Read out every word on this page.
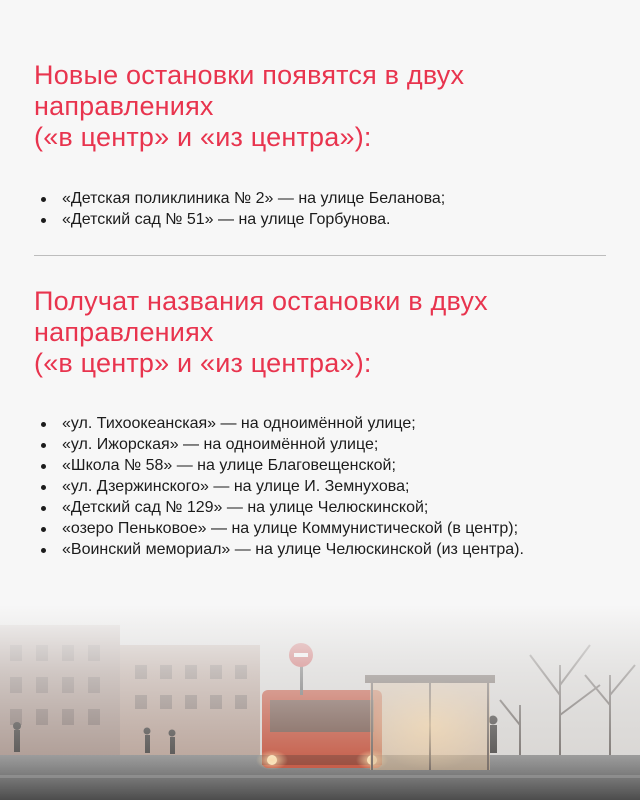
Новые остановки появятся в двух
направлениях
(«в центр» и «из центра»):
«Детская поликлиника № 2» — на улице Беланова;
«Детский сад № 51» — на улице Горбунова.
Получат названия остановки в двух
направлениях
(«в центр» и «из центра»):
«ул. Тихоокеанская» — на одноимённой улице;
«ул. Ижорская» — на одноимённой улице;
«Школа № 58» — на улице Благовещенской;
«ул. Дзержинского» — на улице И. Земнухова;
«Детский сад № 129» — на улице Челюскинской;
«озеро Пеньковое» — на улице Коммунистической (в центр);
«Воинский мемориал» — на улице Челюскинской (из центра).
